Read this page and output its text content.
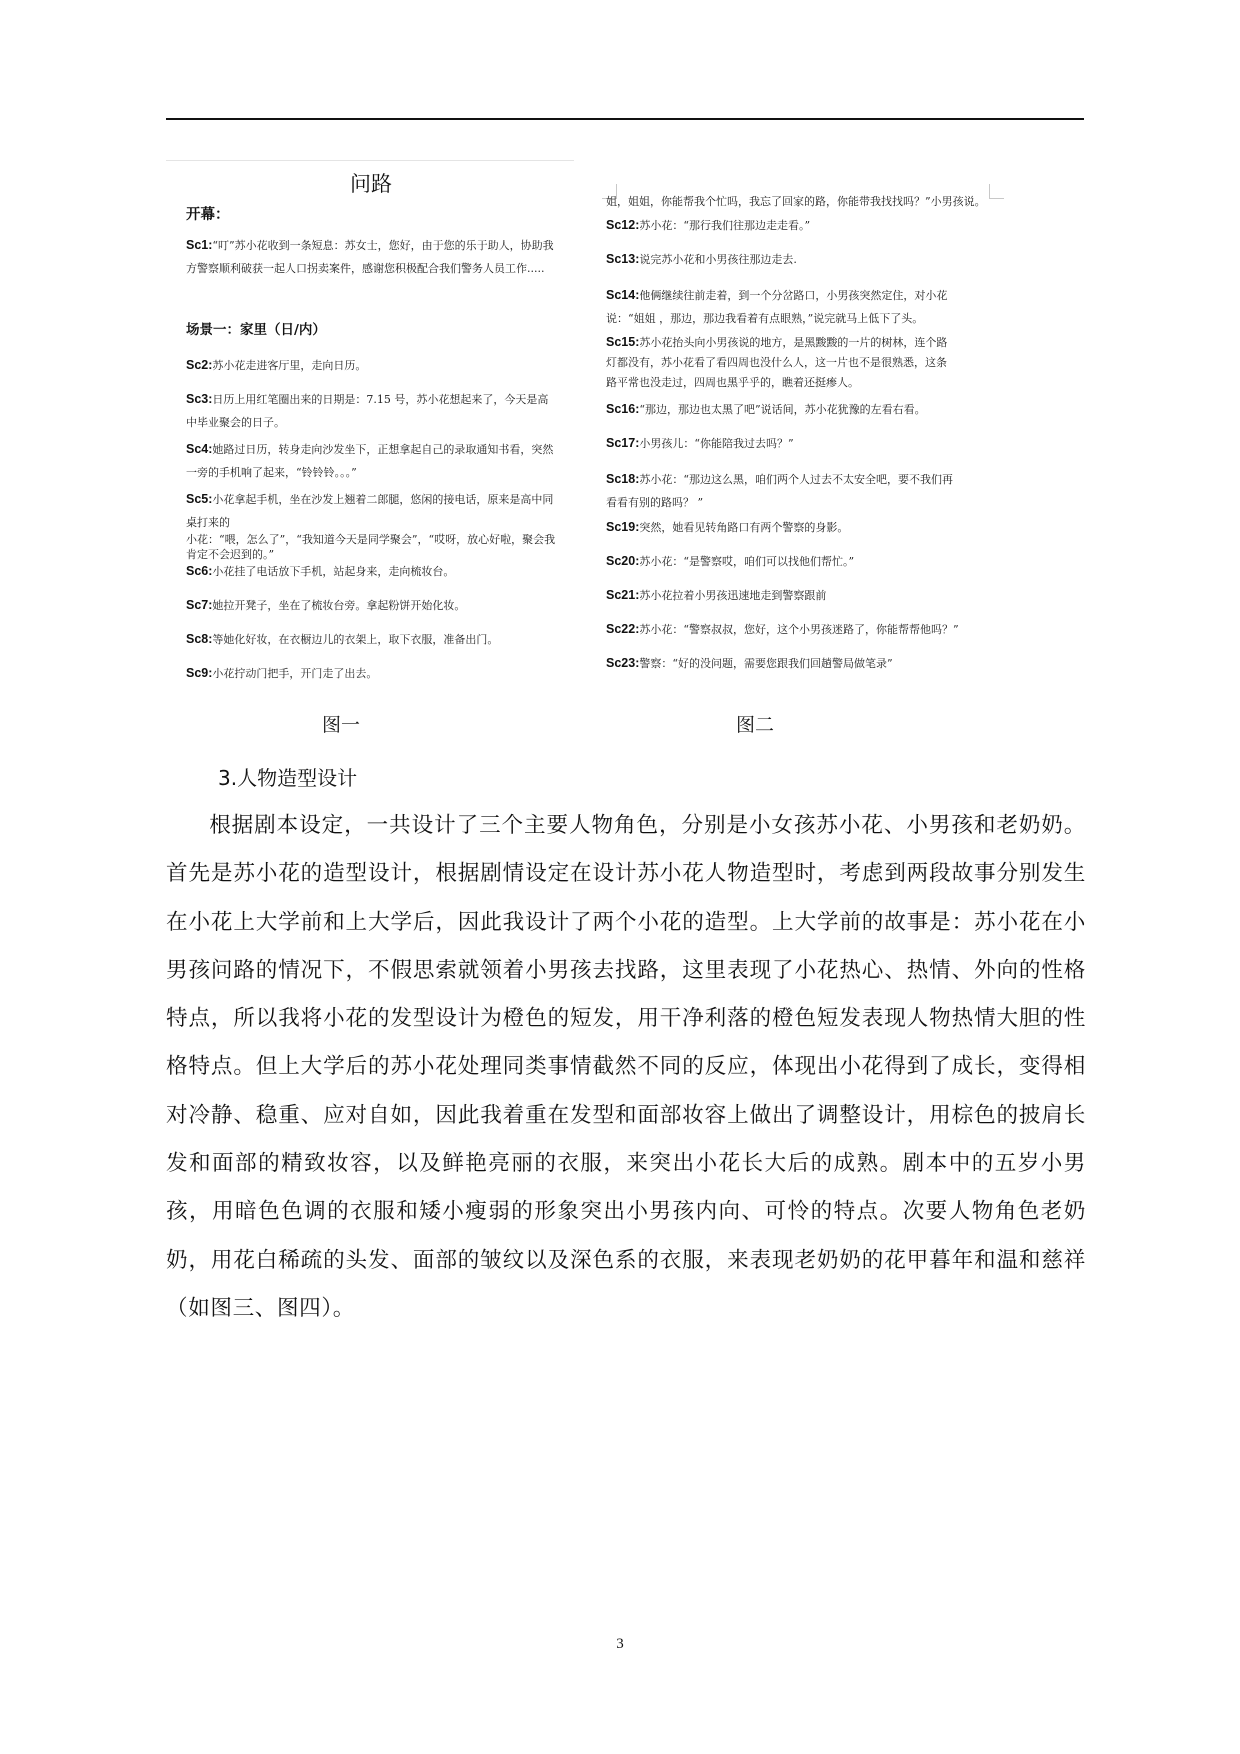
问路
开幕：
Sc1:“叮”苏小花收到一条短息：苏女士，您好，由于您的乐于助人，协助我方警察顺利破获一起人口拐卖案件，感谢您积极配合我们警务人员工作.....
场景一：家里（日/内）
Sc2:苏小花走进客厅里，走向日历。
Sc3:日历上用红笔圈出来的日期是：7.15 号，苏小花想起来了，今天是高中毕业聚会的日子。
Sc4:她路过日历，转身走向沙发坐下，正想拿起自己的录取通知书看，突然一旁的手机响了起来，“铃铃铃。。。”
Sc5:小花拿起手机，坐在沙发上翘着二郎腿，悠闲的接电话，原来是高中同桌打来的
小花：“喂，怎么了”，“我知道今天是同学聚会”，“哎呀，放心好啦，聚会我肯定不会迟到的。”
Sc6:小花挂了电话放下手机，站起身来，走向梳妆台。
Sc7:她拉开凳子，坐在了梳妆台旁。拿起粉饼开始化妆。
Sc8:等她化好妆，在衣橱边儿的衣架上，取下衣服，准备出门。
Sc9:小花拧动门把手，开门走了出去。
姐，姐姐，你能帮我个忙吗，我忘了回家的路，你能带我找找吗？”小男孩说。
Sc12:苏小花：“那行我们往那边走走看。”
Sc13:说完苏小花和小男孩往那边走去.
Sc14:他俩继续往前走着，到一个分岔路口，小男孩突然定住，对小花说：“姐姐 ，那边，那边我看着有点眼熟，”说完就马上低下了头。
Sc15:苏小花抬头向小男孩说的地方，是黑黢黢的一片的树林，连个路灯都没有，苏小花看了看四周也没什么人，这一片也不是很熟悉，这条路平常也没走过，四周也黑乎乎的，瞧着还挺瘆人。
Sc16:“那边，那边也太黑了吧”说话间，苏小花犹豫的左看右看。
Sc17:小男孩儿：“你能陪我过去吗？”
Sc18:苏小花：“那边这么黑，咱们两个人过去不太安全吧，要不我们再看看有别的路吗？ ”
Sc19:突然，她看见转角路口有两个警察的身影。
Sc20:苏小花：“是警察哎，咱们可以找他们帮忙。”
Sc21:苏小花拉着小男孩迅速地走到警察跟前
Sc22:苏小花：“警察叔叔，您好，这个小男孩迷路了，你能帮帮他吗？”
Sc23:警察：“好的没问题，需要您跟我们回趟警局做笔录”
图一	图二
3.人物造型设计
根据剧本设定，一共设计了三个主要人物角色，分别是小女孩苏小花、小男孩和老奶奶。首先是苏小花的造型设计，根据剧情设定在设计苏小花人物造型时，考虑到两段故事分别发生在小花上大学前和上大学后，因此我设计了两个小花的造型。上大学前的故事是：苏小花在小男孩问路的情况下，不假思索就领着小男孩去找路，这里表现了小花热心、热情、外向的性格特点，所以我将小花的发型设计为橙色的短发，用干净利落的橙色短发表现人物热情大胆的性格特点。但上大学后的苏小花处理同类事情截然不同的反应，体现出小花得到了成长，变得相对冷静、稳重、应对自如，因此我着重在发型和面部妆容上做出了调整设计，用棕色的披肩长发和面部的精致妆容，以及鲜艳亮丽的衣服，来突出小花长大后的成熟。剧本中的五岁小男孩，用暗色色调的衣服和矮小瘦弱的形象突出小男孩内向、可怜的特点。次要人物角色老奶奶，用花白稀疏的头发、面部的皱纹以及深色系的衣服，来表现老奶奶的花甲暮年和温和慈祥（如图三、图四）。
3
